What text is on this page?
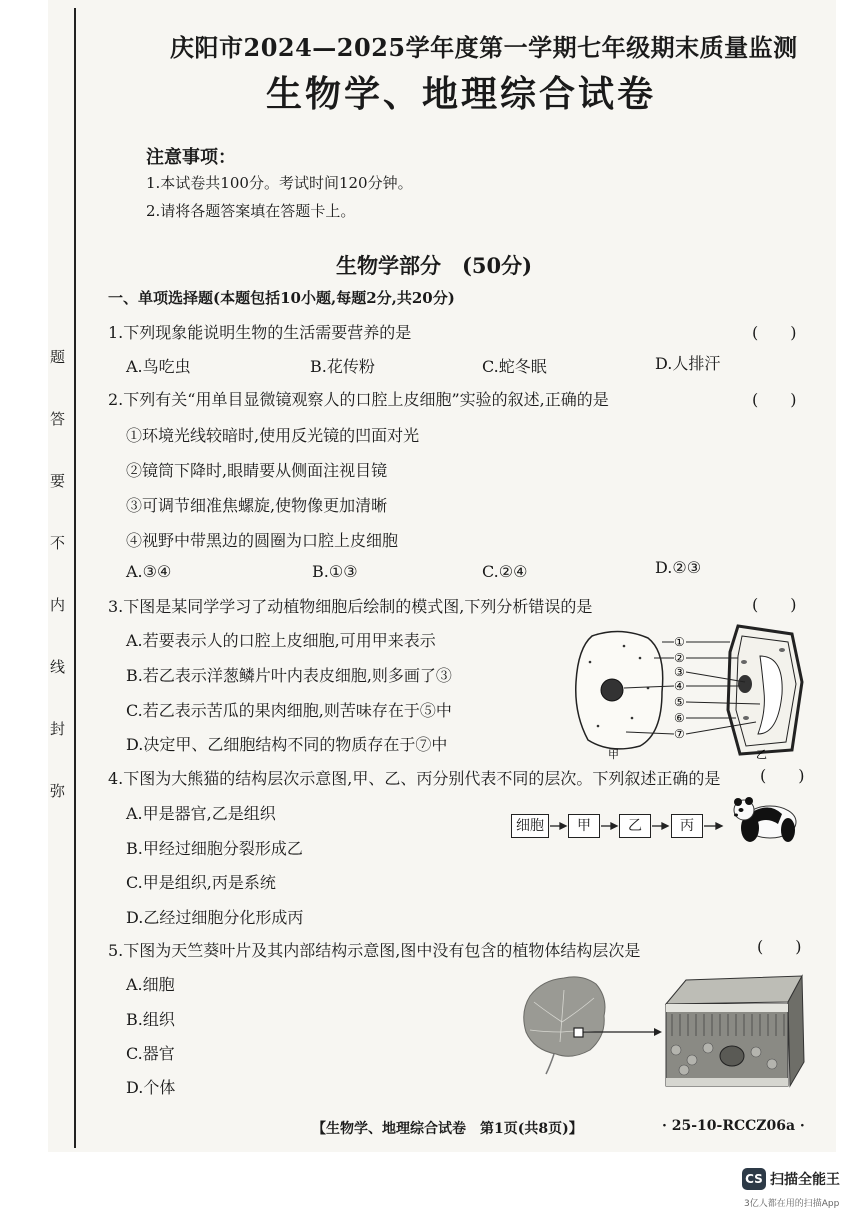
题
答
要
不
内
线
封
弥
庆阳市2024—2025学年度第一学期七年级期末质量监测
生物学、地理综合试卷
注意事项：
1.本试卷共100分。考试时间120分钟。
2.请将各题答案填在答题卡上。
生物学部分　(50分)
一、单项选择题(本题包括10小题,每题2分,共20分)
1.下列现象能说明生物的生活需要营养的是	(　　)
A.鸟吃虫	B.花传粉	C.蛇冬眠	D.人排汗
2.下列有关“用单目显微镜观察人的口腔上皮细胞”实验的叙述,正确的是	(　　)
①环境光线较暗时,使用反光镜的凹面对光
②镜筒下降时,眼睛要从侧面注视目镜
③可调节细准焦螺旋,使物像更加清晰
④视野中带黑边的圆圈为口腔上皮细胞
A.③④	B.①③	C.②④	D.②③
3.下图是某同学学习了动植物细胞后绘制的模式图,下列分析错误的是	(　　)
A.若要表示人的口腔上皮细胞,可用甲来表示
B.若乙表示洋葱鳞片叶内表皮细胞,则多画了③
C.若乙表示苦瓜的果肉细胞,则苦味存在于⑤中
D.决定甲、乙细胞结构不同的物质存在于⑦中
①
②
③
④
⑤
⑥
⑦
甲	乙
4.下图为大熊猫的结构层次示意图,甲、乙、丙分别代表不同的层次。下列叙述正确的是 (　　)
A.甲是器官,乙是组织
B.甲经过细胞分裂形成乙
C.甲是组织,丙是系统
D.乙经过细胞分化形成丙
细胞	甲	乙	丙
5.下图为天竺葵叶片及其内部结构示意图,图中没有包含的植物体结构层次是	(　　)
A.细胞
B.组织
C.器官
D.个体
【生物学、地理综合试卷　第1页(共8页)】	· 25-10-RCCZ06a ·
CS 扫描全能王
3亿人都在用的扫描App
